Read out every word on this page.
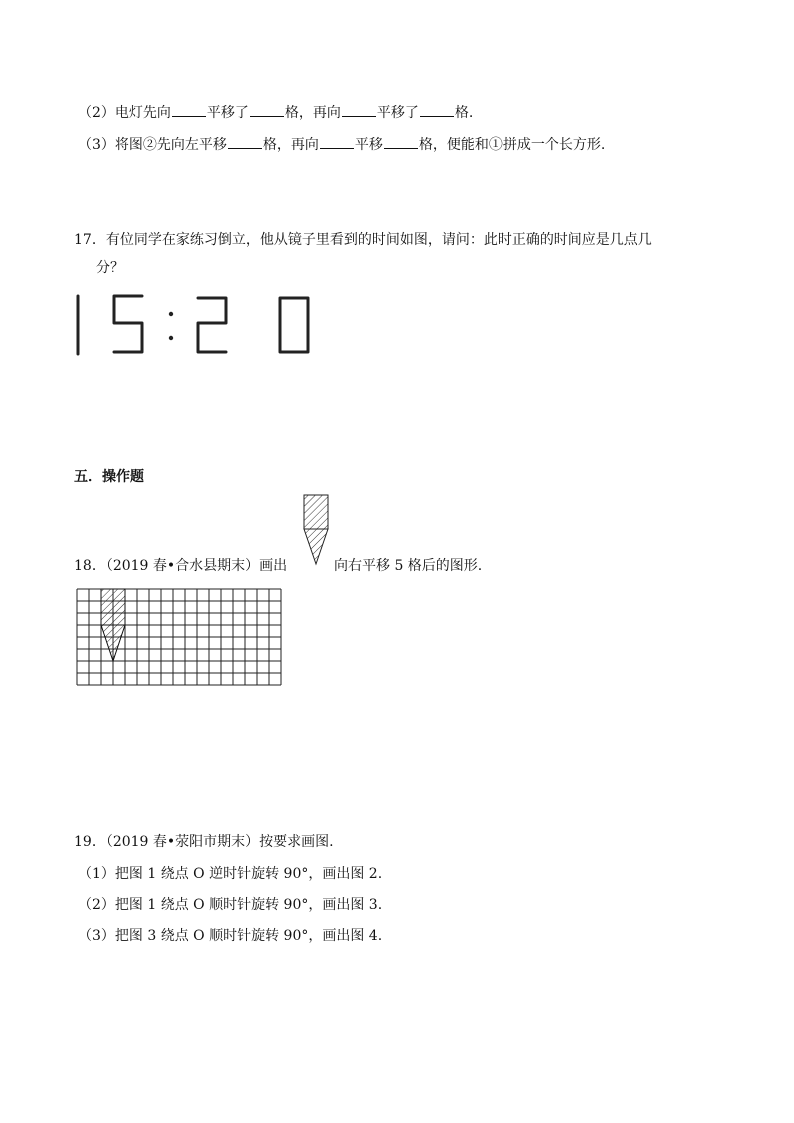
（2）电灯先向	平移了	格，再向	平移了	格.
（3）将图②先向左平移	格，再向	平移	格，便能和①拼成一个长方形.
17．有位同学在家练习倒立，他从镜子里看到的时间如图，请问：此时正确的时间应是几点几
分？
五．操作题
18．（2019 春•合水县期末）画出	向右平移 5 格后的图形.
19．（2019 春•荥阳市期末）按要求画图.
（1）把图 1 绕点 O 逆时针旋转 90°，画出图 2.
（2）把图 1 绕点 O 顺时针旋转 90°，画出图 3.
（3）把图 3 绕点 O 顺时针旋转 90°，画出图 4.
